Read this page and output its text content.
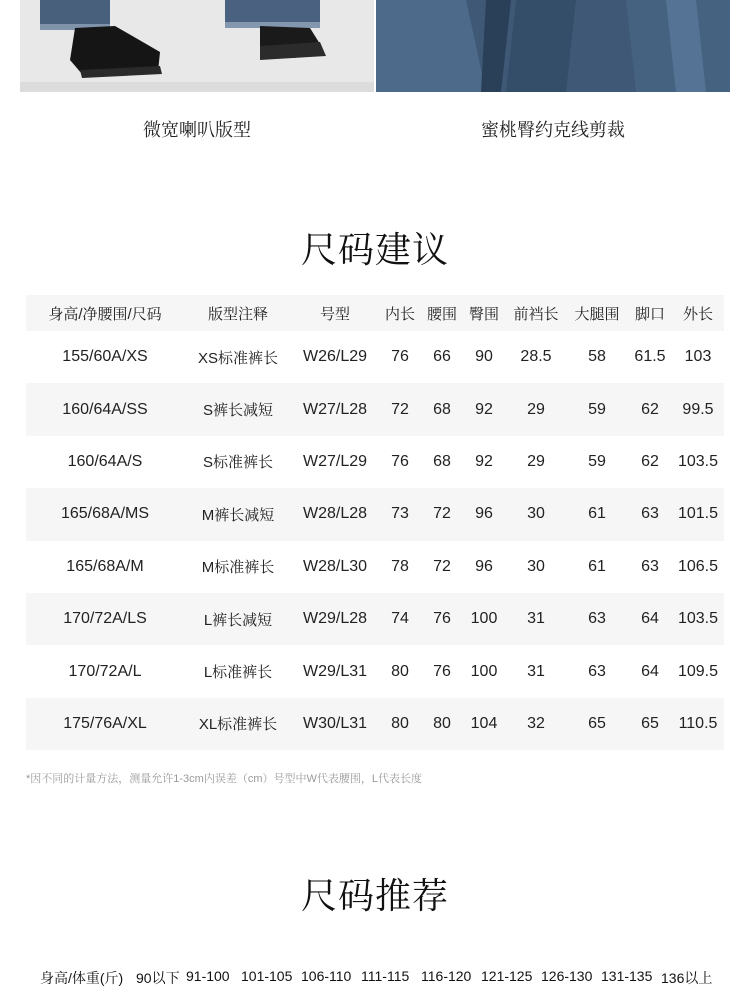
微宽喇叭版型	蜜桃臀约克线剪裁
尺码建议
身高/净腰围/尺码	版型注释	号型	内长	腰围	臀围	前裆长	大腿围	脚口	外长
155/60A/XS	XS标准裤长	W26/L29	76	66	90	28.5	58	61.5	103
160/64A/SS	S裤长减短	W27/L28	72	68	92	29	59	62	99.5
160/64A/S	S标准裤长	W27/L29	76	68	92	29	59	62	103.5
165/68A/MS	M裤长减短	W28/L28	73	72	96	30	61	63	101.5
165/68A/M	M标准裤长	W28/L30	78	72	96	30	61	63	106.5
170/72A/LS	L裤长减短	W29/L28	74	76	100	31	63	64	103.5
170/72A/L	L标准裤长	W29/L31	80	76	100	31	63	64	109.5
175/76A/XL	XL标准裤长	W30/L31	80	80	104	32	65	65	110.5
*因不同的计量方法，测量允许1-3cm内误差（cm）号型中W代表腰围，L代表长度
尺码推荐
身高/体重(斤) 90以下 91-100 101-105 106-110 111-115 116-120 121-125 126-130 131-135 136以上
